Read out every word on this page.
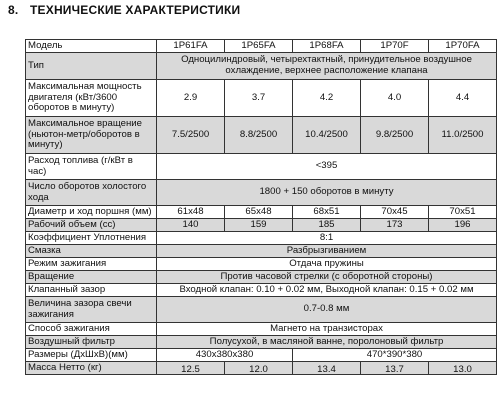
8. ТЕХНИЧЕСКИЕ ХАРАКТЕРИСТИКИ
Модель	1P61FA	1P65FA	1P68FA	1P70F	1P70FA
Тип	Одноцилиндровый, четырехтактный, принудительное воздушное охлаждение, верхнее расположение клапана				
Максимальная мощность двигателя (кВт/3600 оборотов в минуту)	2.9	3.7	4.2	4.0	4.4
Максимальное вращение (ньютон-метр/оборотов в минуту)	7.5/2500	8.8/2500	10.4/2500	9.8/2500	11.0/2500
Расход топлива (г/кВт в час)	<395				
Число оборотов холостого хода	1800 + 150 оборотов в минуту				
Диаметр и ход поршня (мм)	61x48	65x48	68x51	70x45	70x51
Рабочий объем (сс)	140	159	185	173	196
Коэффициент Уплотнения	8:1				
Смазка	Разбрызгиванием				
Режим зажигания	Отдача пружины				
Вращение	Против часовой стрелки (с оборотной стороны)				
Клапанный зазор	Входной клапан: 0.10 + 0.02 мм, Выходной клапан: 0.15 + 0.02 мм				
Величина зазора свечи зажигания	0.7-0.8 мм				
Способ зажигания	Магнето на транзисторах				
Воздушный фильтр	Полусухой, в масляной ванне, поролоновый фильтр				
Размеры (ДхШхВ)(мм)	430x380x380		470*390*380		
Масса Нетто (кг)	12.5	12.0	13.4	13.7	13.0
